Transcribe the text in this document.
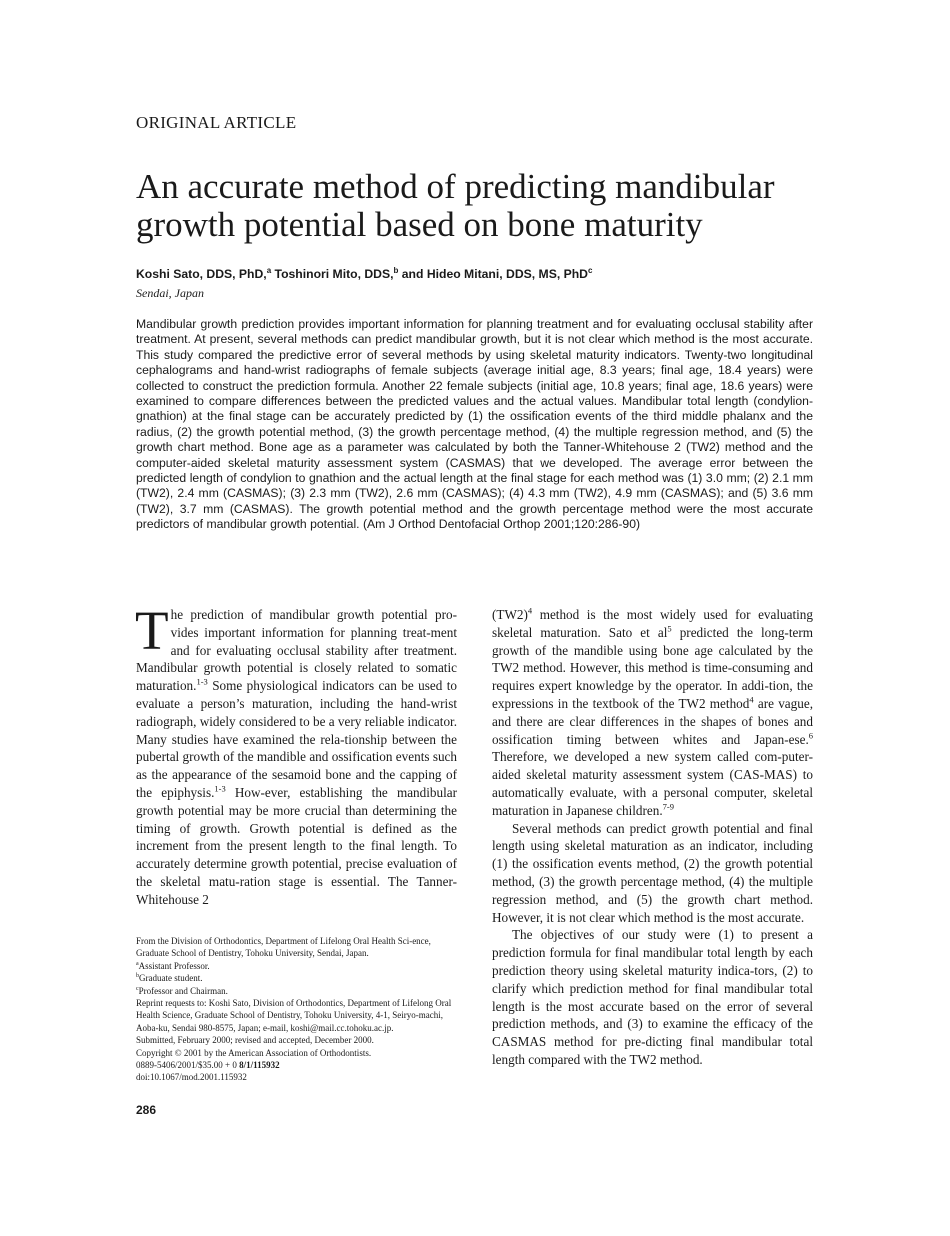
ORIGINAL ARTICLE
An accurate method of predicting mandibular
growth potential based on bone maturity
Koshi Sato, DDS, PhD,$^a$ Toshinori Mito, DDS,$^b$ and Hideo Mitani, DDS, MS, PhD$^c$
Sendai, Japan

Mandibular growth prediction provides important information for planning treatment and for evaluating occlusal stability after treatment. At present, several methods can predict mandibular growth, but it is not clear which method is the most accurate. This study compared the predictive error of several methods by using skeletal maturity indicators. Twenty-two longitudinal cephalograms and hand-wrist radiographs of female subjects (average initial age, 8.3 years; final age, 18.4 years) were collected to construct the prediction formula. Another 22 female subjects (initial age, 10.8 years; final age, 18.6 years) were examined to compare differences between the predicted values and the actual values. Mandibular total length (condylion-gnathion) at the final stage can be accurately predicted by (1) the ossification events of the third middle phalanx and the radius, (2) the growth potential method, (3) the growth percentage method, (4) the multiple regression method, and (5) the growth chart method. Bone age as a parameter was calculated by both the Tanner-Whitehouse 2 (TW2) method and the computer-aided skeletal maturity assessment system (CASMAS) that we developed. The average error between the predicted length of condylion to gnathion and the actual length at the final stage for each method was (1) 3.0 mm; (2) 2.1 mm (TW2), 2.4 mm (CASMAS); (3) 2.3 mm (TW2), 2.6 mm (CASMAS); (4) 4.3 mm (TW2), 4.9 mm (CASMAS); and (5) 3.6 mm (TW2), 3.7 mm (CASMAS). The growth potential method and the growth percentage method were the most accurate predictors of mandibular growth potential. (Am J Orthod Dentofacial Orthop 2001;120:286-90)

The prediction of mandibular growth potential pro-vides important information for planning treat-ment and for evaluating occlusal stability after treatment. Mandibular growth potential is closely related to somatic maturation.$^{1-3}$ Some physiological indicators can be used to evaluate a person’s maturation, including the hand-wrist radiograph, widely considered to be a very reliable indicator. Many studies have examined the rela-tionship between the pubertal growth of the mandible and ossification events such as the appearance of the sesamoid bone and the capping of the epiphysis.$^{1-3}$ How-ever, establishing the mandibular growth potential may be more crucial than determining the timing of growth. Growth potential is defined as the increment from the present length to the final length. To accurately determine growth potential, precise evaluation of the skeletal matu-ration stage is essential. The Tanner-Whitehouse 2

$(TW2)^4$ method is the most widely used for evaluating skeletal maturation. Sato et $al^5$ predicted the long-term growth of the mandible using bone age calculated by the TW2 method. However, this method is time-consuming and requires expert knowledge by the operator. In addi-tion, the expressions in the textbook of the TW2 method$^4$ are vague, and there are clear differences in the shapes of bones and ossification timing between whites and Japan-ese.$^6$ Therefore, we developed a new system called com-puter-aided skeletal maturity assessment system (CAS-MAS) to automatically evaluate, with a personal computer, skeletal maturation in Japanese children.$^{7-9}$

Several methods can predict growth potential and final length using skeletal maturation as an indicator, including (1) the ossification events method, (2) the growth potential method, (3) the growth percentage method, (4) the multiple regression method, and (5) the growth chart method. However, it is not clear which method is the most accurate.

The objectives of our study were (1) to present a prediction formula for final mandibular total length by each prediction theory using skeletal maturity indica-tors, (2) to clarify which prediction method for final mandibular total length is the most accurate based on the error of several prediction methods, and (3) to examine the efficacy of the CASMAS method for pre-dicting final mandibular total length compared with the TW2 method.

From the Division of Orthodontics, Department of Lifelong Oral Health Sci-ence, Graduate School of Dentistry, Tohoku University, Sendai, Japan.
$^a$Assistant Professor.
$^b$Graduate student.
$^c$Professor and Chairman.
Reprint requests to: Koshi Sato, Division of Orthodontics, Department of Lifelong Oral Health Science, Graduate School of Dentistry, Tohoku University, 4-1, Seiryo-machi, Aoba-ku, Sendai 980-8575, Japan; e-mail, koshi@mail.cc.tohoku.ac.jp.
Submitted, February 2000; revised and accepted, December 2000.
Copyright © 2001 by the American Association of Orthodontists.
0889-5406/2001/$35.00 + 0 8/1/115932
doi:10.1067/mod.2001.115932
286
